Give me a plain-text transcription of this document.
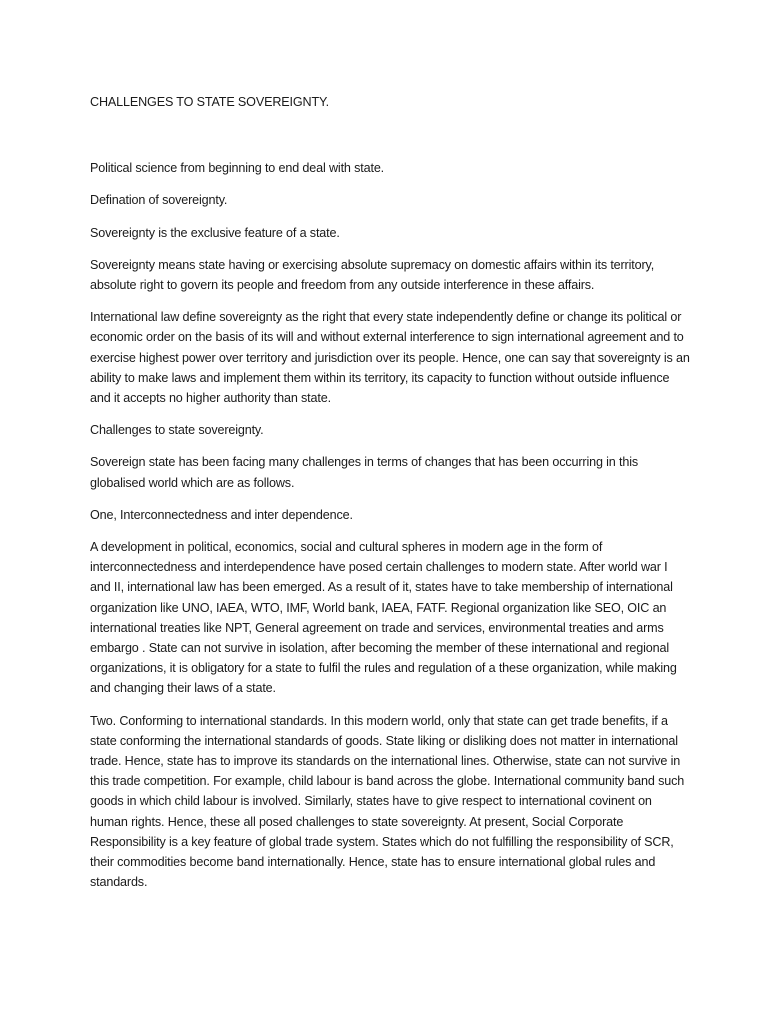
CHALLENGES TO STATE SOVEREIGNTY.

Political science from beginning to end deal with state.

Defination of sovereignty.

Sovereignty is the exclusive feature of a state.

Sovereignty means state having or exercising absolute supremacy on domestic affairs within its territory, absolute right to govern its people and freedom from any outside interference in these affairs.

International law define sovereignty as the right that every state independently define or change its political or economic order on the basis of its will and without external interference to sign international agreement and to exercise highest power over territory and jurisdiction over its people. Hence, one can say that sovereignty is an ability to make laws and implement them within its territory, its capacity to function without outside influence and it accepts no higher authority than state.

Challenges to state sovereignty.

Sovereign state has been facing many challenges in terms of changes that has been occurring in this globalised world which are as follows.

One, Interconnectedness and inter dependence.

A development in political, economics, social and cultural spheres in modern age in the form of interconnectedness and interdependence have posed certain challenges to modern state. After world war I and II, international law has been emerged. As a result of it, states have to take membership of international organization like UNO, IAEA, WTO, IMF, World bank, IAEA, FATF. Regional organization like SEO, OIC an international treaties like NPT, General agreement on trade and services, environmental treaties and arms embargo . State can not survive in isolation, after becoming the member of these international and regional organizations, it is obligatory for a state to fulfil the rules and regulation of a these organization, while making and changing their laws of a state.

Two. Conforming to international standards. In this modern world, only that state can get trade benefits, if a state conforming the international standards of goods. State liking or disliking does not matter in international trade. Hence, state has to improve its standards on the international lines. Otherwise, state can not survive in this trade competition. For example, child labour is band across the globe. International community band such goods in which child labour is involved. Similarly, states have to give respect to international covinent on human rights. Hence, these all posed challenges to state sovereignty. At present, Social Corporate Responsibility is a key feature of global trade system. States which do not fulfilling the responsibility of SCR, their commodities become band internationally. Hence, state has to ensure international global rules and standards.
